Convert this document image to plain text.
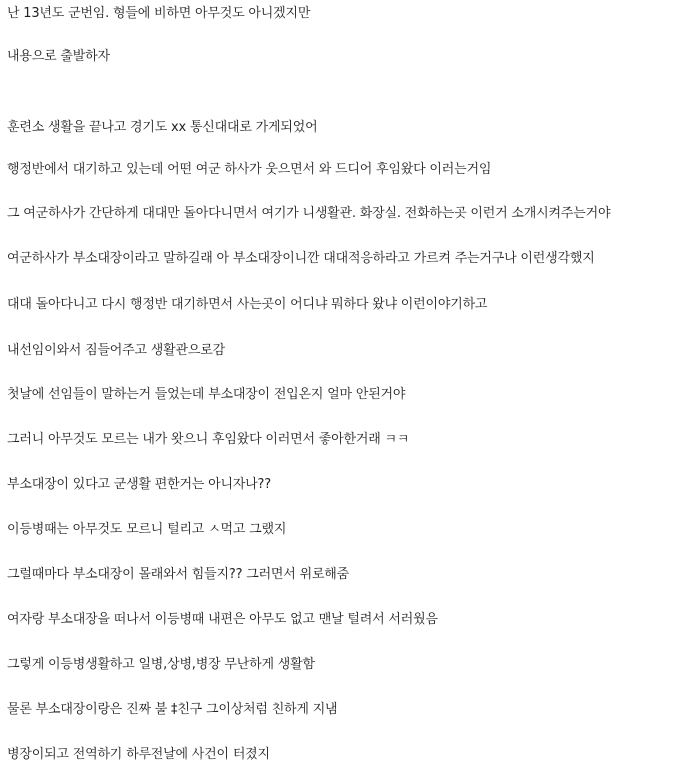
난 13년도 군번임. 형들에 비하면 아무것도 아니겠지만
내용으로 출발하자
훈련소 생활을 끝나고 경기도 xx 통신대대로 가게되었어
행정반에서 대기하고 있는데 어떤 여군 하사가 웃으면서 와 드디어 후임왔다 이러는거임
그 여군하사가 간단하게 대대만 돌아다니면서 여기가 니생활관. 화장실. 전화하는곳 이런거 소개시켜주는거야
여군하사가 부소대장이라고 말하길래 아 부소대장이니깐 대대적응하라고 가르켜 주는거구나 이런생각했지
대대 돌아다니고 다시 행정반 대기하면서 사는곳이 어디냐 뭐하다 왔냐 이런이야기하고
내선임이와서 짐들어주고 생활관으로감
첫날에 선임들이 말하는거 들었는데 부소대장이 전입온지 얼마 안된거야
그러니 아무것도 모르는 내가 왓으니 후임왔다 이러면서 좋아한거래 ㅋㅋ
부소대장이 있다고 군생활 편한거는 아니자나??
이등병때는 아무것도 모르니 털리고 ㅅ먹고 그랬지
그럴때마다 부소대장이 몰래와서 힘들지?? 그러면서 위로해줌
여자랑 부소대장을 떠나서 이등병때 내편은 아무도 없고 맨날 털려서 서러웠음
그렇게 이등병생활하고 일병,상병,병장 무난하게 생활함
물론 부소대장이랑은 진짜 불 ‡친구 그이상처럼 친하게 지냄
병장이되고 전역하기 하루전날에 사건이 터졌지
